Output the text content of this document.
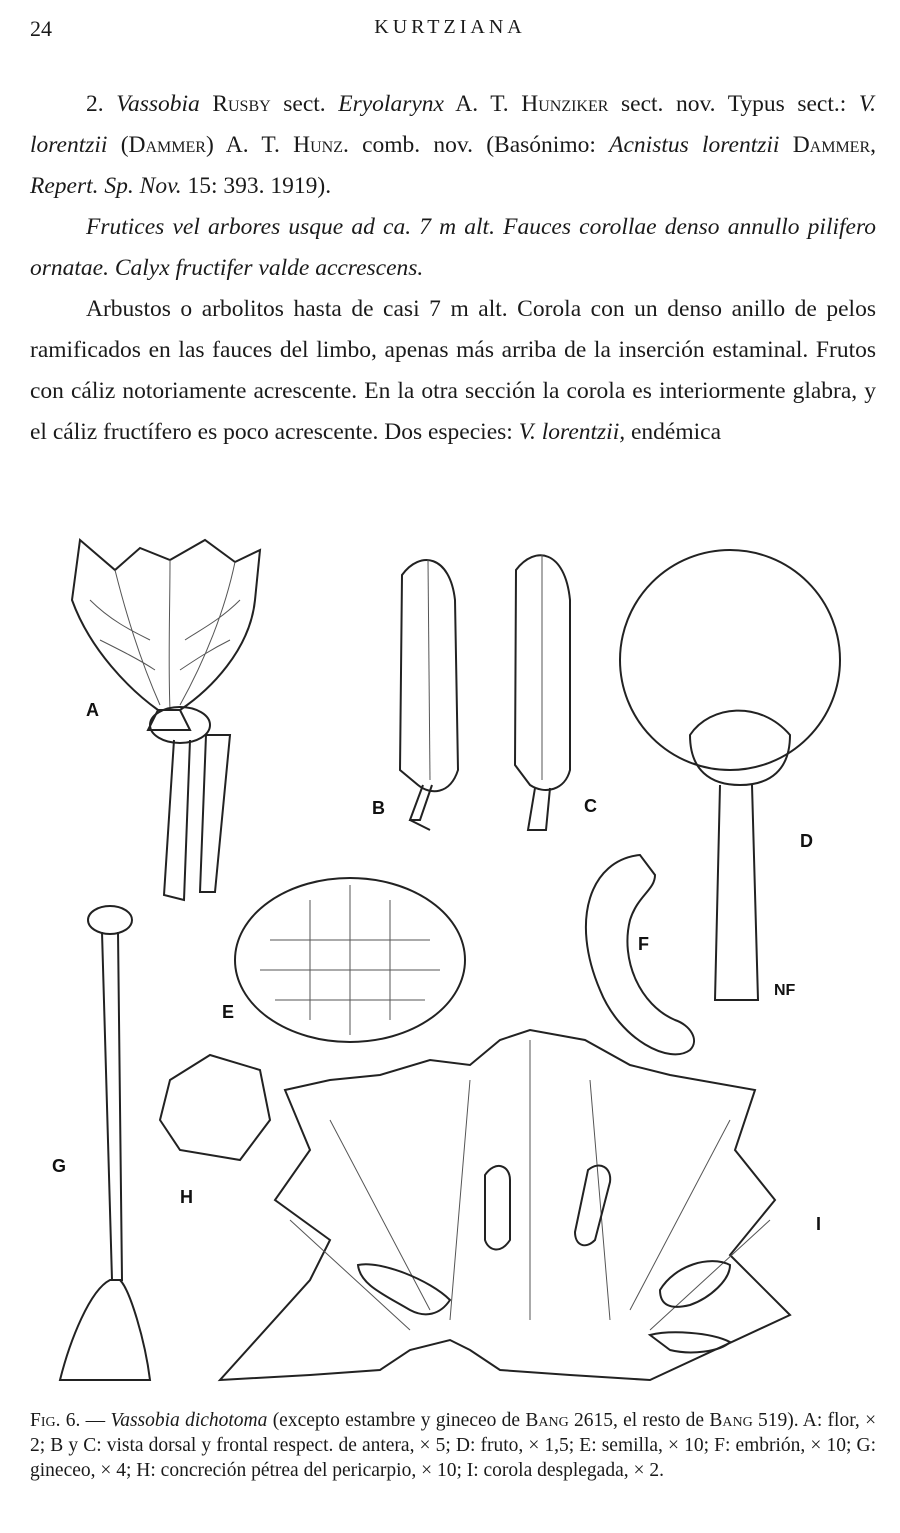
24	KURTZIANA

2. Vassobia Rusby sect. Eryolarynx A. T. Hunziker sect. nov. Typus sect.: V. lorentzii (Dammer) A. T. Hunz. comb. nov. (Basónimo: Acnistus lorentzii Dammer, Repert. Sp. Nov. 15: 393. 1919).

Frutices vel arbores usque ad ca. 7 m alt. Fauces corollae denso annullo pilifero ornatae. Calyx fructifer valde accrescens.

Arbustos o arbolitos hasta de casi 7 m alt. Corola con un denso anillo de pelos ramificados en las fauces del limbo, apenas más arriba de la inserción estaminal. Frutos con cáliz notoriamente acrescente. En la otra sección la corola es interiormente glabra, y el cáliz fructífero es poco acrescente. Dos especies: V. lorentzii, endémica

A
B	C
D
E
F
G
H
I
NF

Fig. 6. — Vassobia dichotoma (excepto estambre y gineceo de Bang 2615, el resto de Bang 519). A: flor, × 2; B y C: vista dorsal y frontal respect. de antera, × 5; D: fruto, × 1,5; E: semilla, × 10; F: embrión, × 10; G: gineceo, × 4; H: concreción pétrea del pericarpio, × 10; I: corola desplegada, × 2.
